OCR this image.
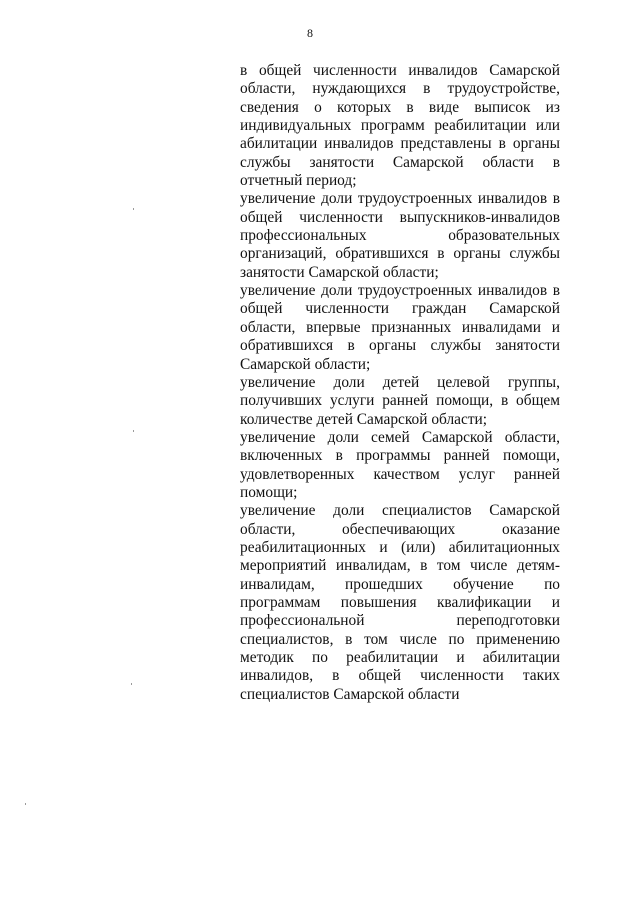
8
в общей численности инвалидов Самарской области, нуждающихся в трудоустройстве, сведения о которых в виде выписок из индивидуальных программ реабилитации или абилитации инвалидов представлены в органы службы занятости Самарской области в отчетный период;
увеличение доли трудоустроенных инвалидов в общей численности выпускников-инвалидов профессиональных образовательных организаций, обратившихся в органы службы занятости Самарской области;
увеличение доли трудоустроенных инвалидов в общей численности граждан Самарской области, впервые признанных инвалидами и обратившихся в органы службы занятости Самарской области;
увеличение доли детей целевой группы, получивших услуги ранней помощи, в общем количестве детей Самарской области;
увеличение доли семей Самарской области, включенных в программы ранней помощи, удовлетворенных качеством услуг ранней помощи;
увеличение доли специалистов Самарской области, обеспечивающих оказание реабилитационных и (или) абилитационных мероприятий инвалидам, в том числе детям-инвалидам, прошедших обучение по программам повышения квалификации и профессиональной переподготовки специалистов, в том числе по применению методик по реабилитации и абилитации инвалидов, в общей численности таких специалистов Самарской области
